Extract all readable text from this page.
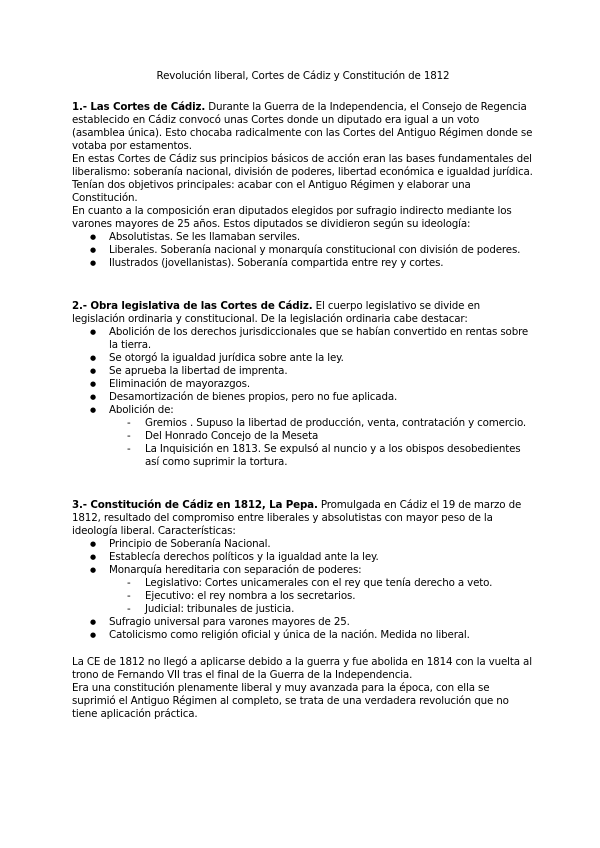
Revolución liberal, Cortes de Cádiz y Constitución de 1812

1.- Las Cortes de Cádiz. Durante la Guerra de la Independencia, el Consejo de Regencia establecido en Cádiz convocó unas Cortes donde un diputado era igual a un voto (asamblea única). Esto chocaba radicalmente con las Cortes del Antiguo Régimen donde se votaba por estamentos.

En estas Cortes de Cádiz sus principios básicos de acción eran las bases fundamentales del liberalismo: soberanía nacional, división de poderes, libertad económica e igualdad jurídica.

Tenían dos objetivos principales: acabar con el Antiguo Régimen y elaborar una Constitución.

En cuanto a la composición eran diputados elegidos por sufragio indirecto mediante los varones mayores de 25 años. Estos diputados se dividieron según su ideología:

● Absolutistas. Se les llamaban serviles.
● Liberales. Soberanía nacional y monarquía constitucional con división de poderes.
● Ilustrados (jovellanistas). Soberanía compartida entre rey y cortes.

2.- Obra legislativa de las Cortes de Cádiz. El cuerpo legislativo se divide en legislación ordinaria y constitucional. De la legislación ordinaria cabe destacar:

● Abolición de los derechos jurisdiccionales que se habían convertido en rentas sobre la tierra.
● Se otorgó la igualdad jurídica sobre ante la ley.
● Se aprueba la libertad de imprenta.
● Eliminación de mayorazgos.
● Desamortización de bienes propios, pero no fue aplicada.
● Abolición de:
- Gremios . Supuso la libertad de producción, venta, contratación y comercio.
- Del Honrado Concejo de la Meseta
- La Inquisición en 1813. Se expulsó al nuncio y a los obispos desobedientes así como suprimir la tortura.

3.- Constitución de Cádiz en 1812, La Pepa. Promulgada en Cádiz el 19 de marzo de 1812, resultado del compromiso entre liberales y absolutistas con mayor peso de la ideología liberal. Características:

● Principio de Soberanía Nacional.
● Establecía derechos políticos y la igualdad ante la ley.
● Monarquía hereditaria con separación de poderes:
- Legislativo: Cortes unicamerales con el rey que tenía derecho a veto.
- Ejecutivo: el rey nombra a los secretarios.
- Judicial: tribunales de justicia.
● Sufragio universal para varones mayores de 25.
● Catolicismo como religión oficial y única de la nación. Medida no liberal.

La CE de 1812 no llegó a aplicarse debido a la guerra y fue abolida en 1814 con la vuelta al trono de Fernando VII tras el final de la Guerra de la Independencia.

Era una constitución plenamente liberal y muy avanzada para la época, con ella se suprimió el Antiguo Régimen al completo, se trata de una verdadera revolución que no tiene aplicación práctica.
